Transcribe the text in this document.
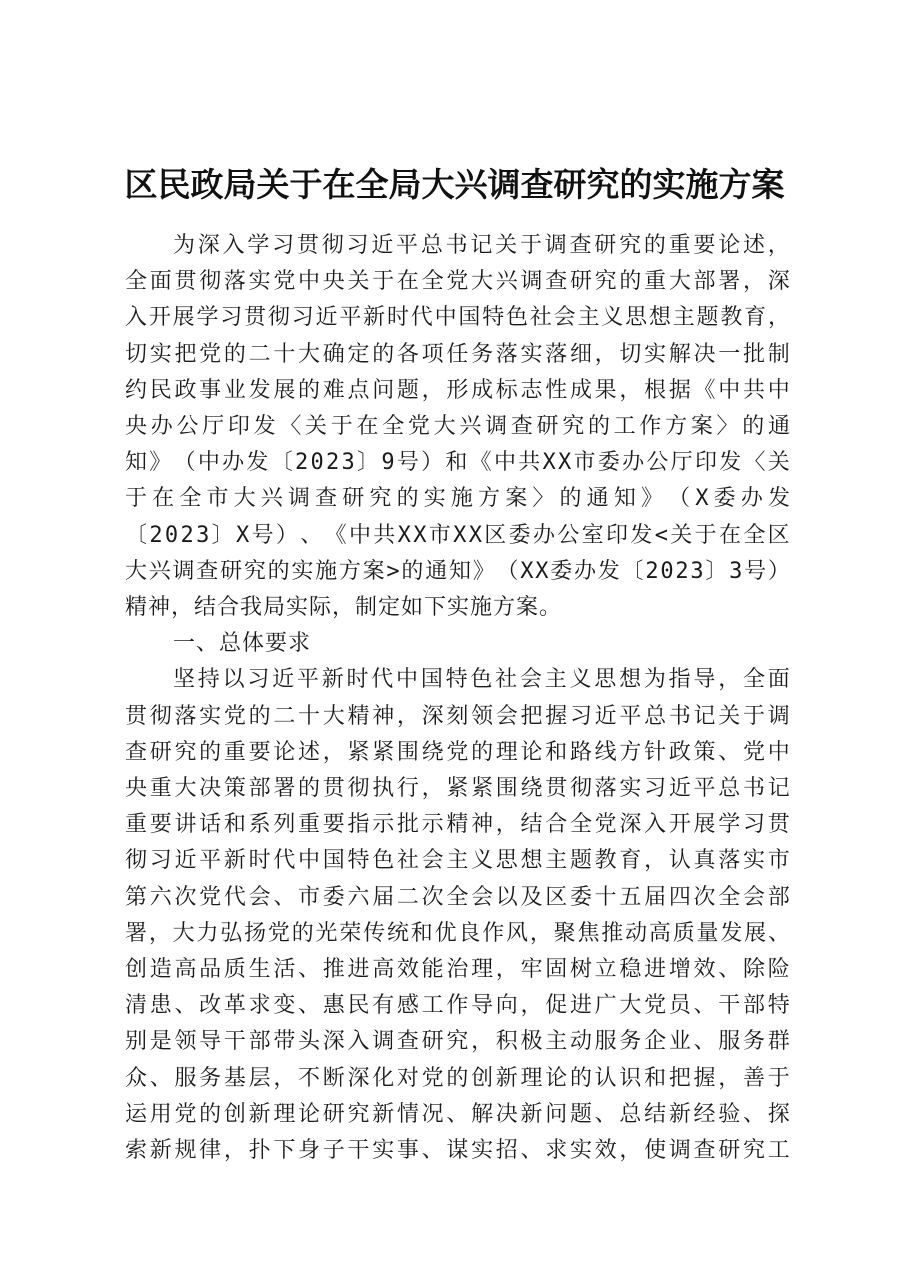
区民政局关于在全局大兴调查研究的实施方案
为 深 入 学 习 贯 彻 习 近 平 总 书 记 关 于 调 查 研 究 的 重 要 论 述 ，
全 面 贯 彻 落 实 党 中 央 关 于 在 全 党 大 兴 调 查 研 究 的 重 大 部 署 ， 深
入 开 展 学 习 贯 彻 习 近 平 新 时 代 中 国 特 色 社 会 主 义 思 想 主 题 教 育 ，
切 实 把 党 的 二 十 大 确 定 的 各 项 任 务 落 实 落 细 ， 切 实 解 决 一 批 制
约 民 政 事 业 发 展 的 难 点 问 题 ， 形 成 标 志 性 成 果 ， 根 据 《 中 共 中
央 办 公 厅 印 发 〈 关 于 在 全 党 大 兴 调 查 研 究 的 工 作 方 案 〉 的 通
知 》 （ 中 办 发 〔 2 0 2 3 〕 9 号 ） 和 《 中 共 X X 市 委 办 公 厅 印 发 〈 关
于 在 全 市 大 兴 调 查 研 究 的 实 施 方 案 〉 的 通 知 》 （ X 委 办 发
〔 2 0 2 3 〕 X 号 ） 、 《 中 共 X X 市 X X 区 委 办 公 室 印 发 < 关 于 在 全 区
大 兴 调 查 研 究 的 实 施 方 案 > 的 通 知 》 （ X X 委 办 发 〔 2 0 2 3 〕 3 号 ）
精神，结合我局实际，制定如下实施方案。
一、总体要求
坚 持 以 习 近 平 新 时 代 中 国 特 色 社 会 主 义 思 想 为 指 导 ， 全 面
贯 彻 落 实 党 的 二 十 大 精 神 ， 深 刻 领 会 把 握 习 近 平 总 书 记 关 于 调
查 研 究 的 重 要 论 述 ， 紧 紧 围 绕 党 的 理 论 和 路 线 方 针 政 策 、 党 中
央 重 大 决 策 部 署 的 贯 彻 执 行 ， 紧 紧 围 绕 贯 彻 落 实 习 近 平 总 书 记
重 要 讲 话 和 系 列 重 要 指 示 批 示 精 神 ， 结 合 全 党 深 入 开 展 学 习 贯
彻 习 近 平 新 时 代 中 国 特 色 社 会 主 义 思 想 主 题 教 育 ， 认 真 落 实 市
第 六 次 党 代 会 、 市 委 六 届 二 次 全 会 以 及 区 委 十 五 届 四 次 全 会 部
署 ， 大 力 弘 扬 党 的 光 荣 传 统 和 优 良 作 风 ， 聚 焦 推 动 高 质 量 发 展 、
创 造 高 品 质 生 活 、 推 进 高 效 能 治 理 ， 牢 固 树 立 稳 进 增 效 、 除 险
清 患 、 改 革 求 变 、 惠 民 有 感 工 作 导 向 ， 促 进 广 大 党 员 、 干 部 特
别 是 领 导 干 部 带 头 深 入 调 查 研 究 ， 积 极 主 动 服 务 企 业 、 服 务 群
众 、 服 务 基 层 ， 不 断 深 化 对 党 的 创 新 理 论 的 认 识 和 把 握 ， 善 于
运 用 党 的 创 新 理 论 研 究 新 情 况 、 解 决 新 问 题 、 总 结 新 经 验 、 探
索 新 规 律 ， 扑 下 身 子 干 实 事 、 谋 实 招 、 求 实 效 ， 使 调 查 研 究 工
